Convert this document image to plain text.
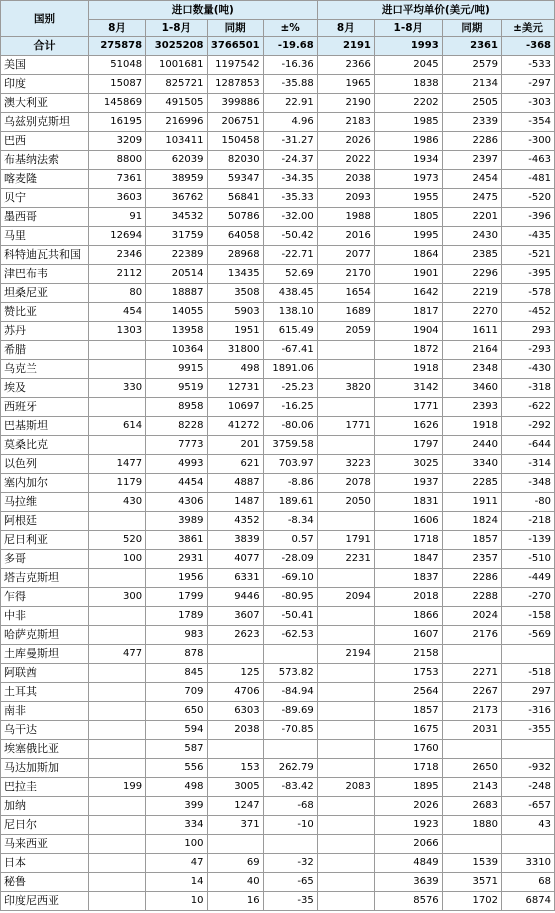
国别	进口数量(吨)				进口平均单价(美元/吨)			
	8月	1-8月	同期	±%	8月	1-8月	同期	±美元
合计	275878	3025208	3766501	-19.68	2191	1993	2361	-368
美国	51048	1001681	1197542	-16.36	2366	2045	2579	-533
印度	15087	825721	1287853	-35.88	1965	1838	2134	-297
澳大利亚	145869	491505	399886	22.91	2190	2202	2505	-303
乌兹别克斯坦	16195	216996	206751	4.96	2183	1985	2339	-354
巴西	3209	103411	150458	-31.27	2026	1986	2286	-300
布基纳法索	8800	62039	82030	-24.37	2022	1934	2397	-463
喀麦隆	7361	38959	59347	-34.35	2038	1973	2454	-481
贝宁	3603	36762	56841	-35.33	2093	1955	2475	-520
墨西哥	91	34532	50786	-32.00	1988	1805	2201	-396
马里	12694	31759	64058	-50.42	2016	1995	2430	-435
科特迪瓦共和国	2346	22389	28968	-22.71	2077	1864	2385	-521
津巴布韦	2112	20514	13435	52.69	2170	1901	2296	-395
坦桑尼亚	80	18887	3508	438.45	1654	1642	2219	-578
赞比亚	454	14055	5903	138.10	1689	1817	2270	-452
苏丹	1303	13958	1951	615.49	2059	1904	1611	293
希腊		10364	31800	-67.41		1872	2164	-293
乌克兰		9915	498	1891.06		1918	2348	-430
埃及	330	9519	12731	-25.23	3820	3142	3460	-318
西班牙		8958	10697	-16.25		1771	2393	-622
巴基斯坦	614	8228	41272	-80.06	1771	1626	1918	-292
莫桑比克		7773	201	3759.58		1797	2440	-644
以色列	1477	4993	621	703.97	3223	3025	3340	-314
塞内加尔	1179	4454	4887	-8.86	2078	1937	2285	-348
马拉维	430	4306	1487	189.61	2050	1831	1911	-80
阿根廷		3989	4352	-8.34		1606	1824	-218
尼日利亚	520	3861	3839	0.57	1791	1718	1857	-139
多哥	100	2931	4077	-28.09	2231	1847	2357	-510
塔吉克斯坦		1956	6331	-69.10		1837	2286	-449
乍得	300	1799	9446	-80.95	2094	2018	2288	-270
中非		1789	3607	-50.41		1866	2024	-158
哈萨克斯坦		983	2623	-62.53		1607	2176	-569
土库曼斯坦	477	878			2194	2158		
阿联酋		845	125	573.82		1753	2271	-518
土耳其		709	4706	-84.94		2564	2267	297
南非		650	6303	-89.69		1857	2173	-316
乌干达		594	2038	-70.85		1675	2031	-355
埃塞俄比亚		587				1760		
马达加斯加		556	153	262.79		1718	2650	-932
巴拉圭	199	498	3005	-83.42	2083	1895	2143	-248
加纳		399	1247	-68		2026	2683	-657
尼日尔		334	371	-10		1923	1880	43
马来西亚		100				2066		
日本		47	69	-32		4849	1539	3310
秘鲁		14	40	-65		3639	3571	68
印度尼西亚		10	16	-35		8576	1702	6874
